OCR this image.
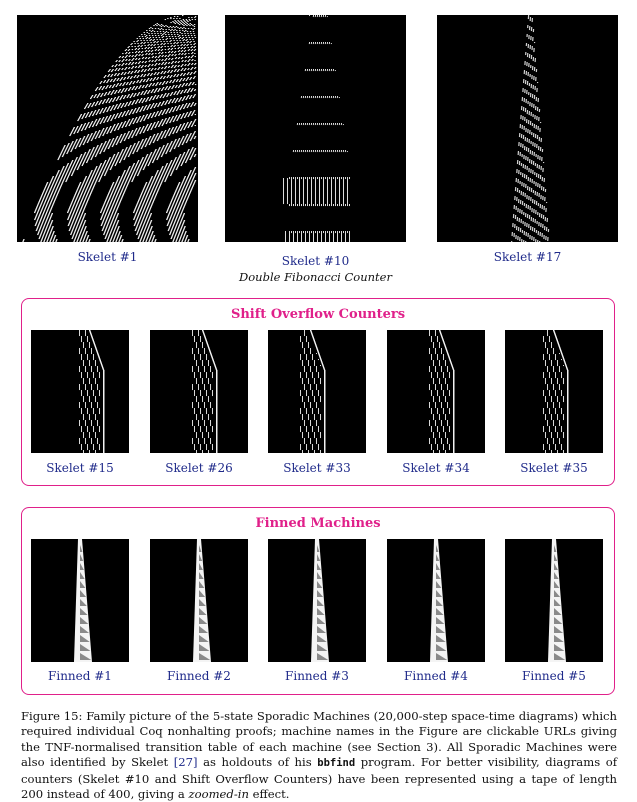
Skelet #1	Skelet #10
Double Fibonacci Counter
Skelet #17
Shift Overflow Counters
Skelet #15	Skelet #26	Skelet #33	Skelet #34	Skelet #35
Finned Machines
Finned #1	Finned #2	Finned #3	Finned #4	Finned #5
Figure 15: Family picture of the 5-state Sporadic Machines (20,000-step space-time diagrams) which required individual Coq nonhalting proofs; machine names in the Figure are clickable URLs giving the TNF-normalised transition table of each machine (see Section 3). All Sporadic Machines were also identified by Skelet [27] as holdouts of his bbfind program. For better visibility, diagrams of counters (Skelet #10 and Shift Overflow Counters) have been represented using a tape of length 200 instead of 400, giving a zoomed-in effect.
